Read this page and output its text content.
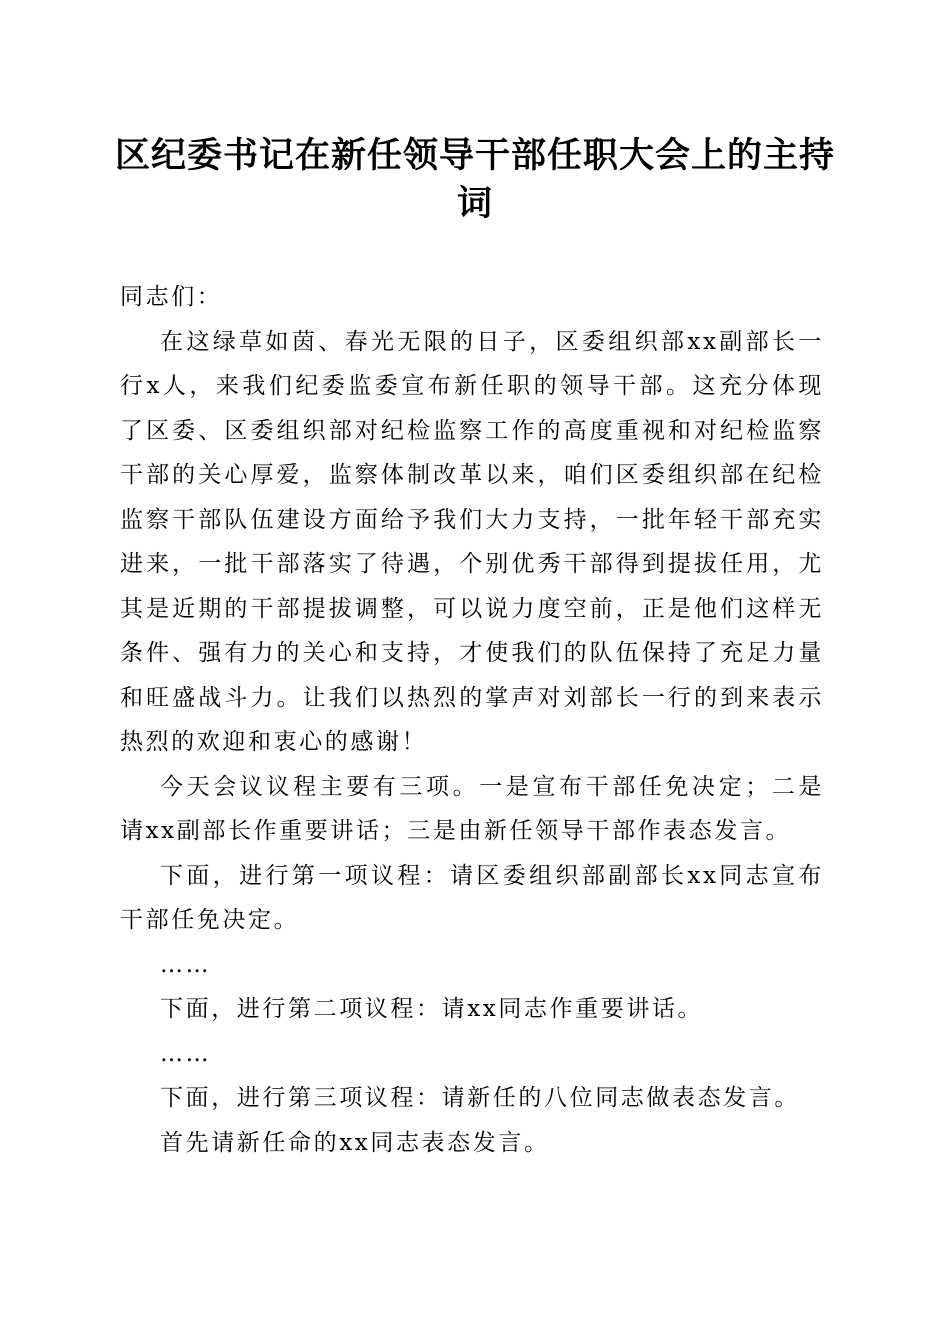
区纪委书记在新任领导干部任职大会上的主持
词

同志们：

在这绿草如茵、春光无限的日子，区委组织部xx副部长一行x人，来我们纪委监委宣布新任职的领导干部。这充分体现了区委、区委组织部对纪检监察工作的高度重视和对纪检监察干部的关心厚爱，监察体制改革以来，咱们区委组织部在纪检监察干部队伍建设方面给予我们大力支持，一批年轻干部充实进来，一批干部落实了待遇，个别优秀干部得到提拔任用，尤其是近期的干部提拔调整，可以说力度空前，正是他们这样无条件、强有力的关心和支持，才使我们的队伍保持了充足力量和旺盛战斗力。让我们以热烈的掌声对刘部长一行的到来表示热烈的欢迎和衷心的感谢！

今天会议议程主要有三项。一是宣布干部任免决定；二是请xx副部长作重要讲话；三是由新任领导干部作表态发言。

下面，进行第一项议程：请区委组织部副部长xx同志宣布干部任免决定。

……

下面，进行第二项议程：请xx同志作重要讲话。

……

下面，进行第三项议程：请新任的八位同志做表态发言。

首先请新任命的xx同志表态发言。
